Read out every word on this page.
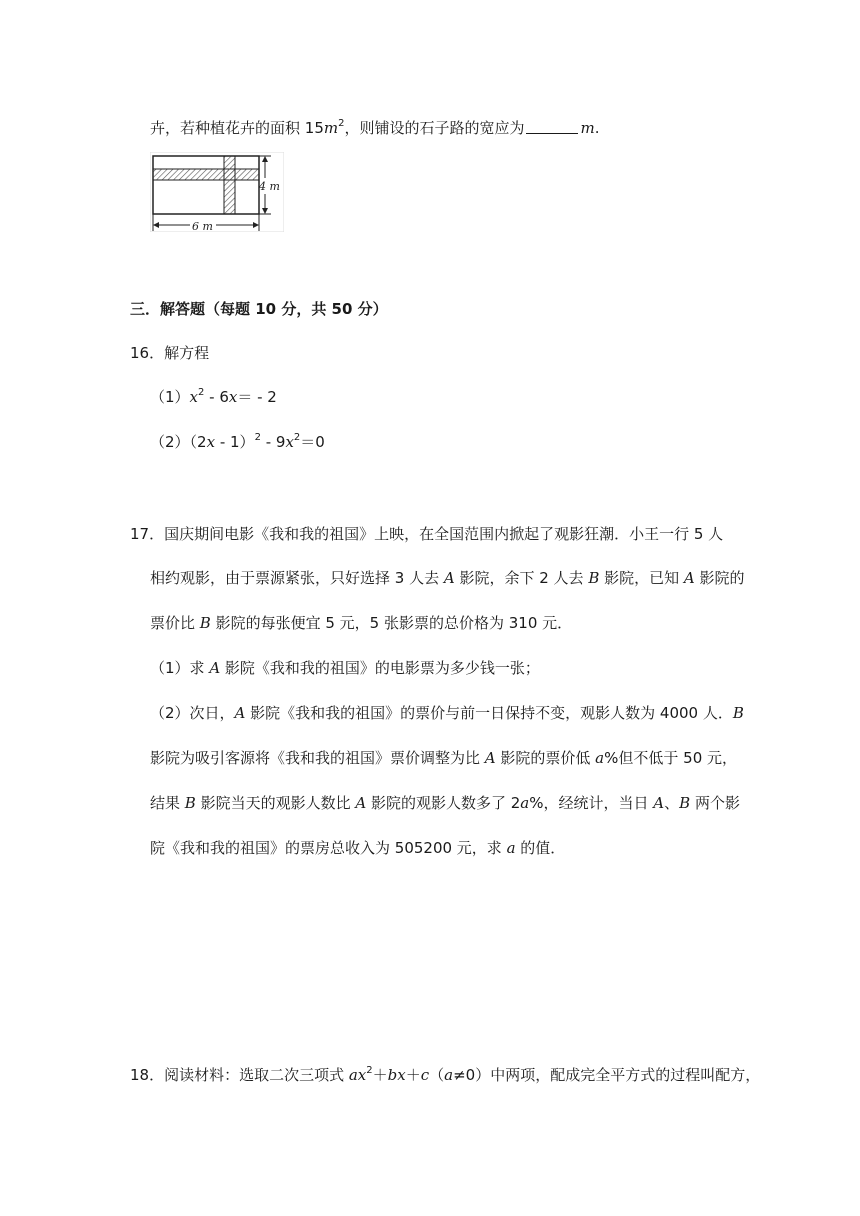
卉，若种植花卉的面积 $15m^2$，则铺设的石子路的宽应为	m.
4 m
6 m
三．解答题（每题 10 分，共 50 分）
16．解方程
$(1)x^2 - 6x= - 2$
$(2)(2x - 1)^2 - 9x^2=0$
17．国庆期间电影《我和我的祖国》上映，在全国范围内掀起了观影狂潮．小王一行 5 人
相约观影，由于票源紧张，只好选择 3 人去 A 影院，余下 2 人去 B 影院，已知 A 影院的
票价比 B 影院的每张便宜 5 元，5 张影票的总价格为 310 元．
（1）求 A 影院《我和我的祖国》的电影票为多少钱一张；
（2）次日，A 影院《我和我的祖国》的票价与前一日保持不变，观影人数为 4000 人．B
影院为吸引客源将《我和我的祖国》票价调整为比 A 影院的票价低 a%但不低于 50 元，
结果 B 影院当天的观影人数比 A 影院的观影人数多了 2a%，经统计，当日 A、B 两个影
院《我和我的祖国》的票房总收入为 505200 元，求 a 的值．
18．阅读材料：选取二次三项式 $ax^2+bx+c(a\ne 0)$中两项，配成完全平方式的过程叫配方，
